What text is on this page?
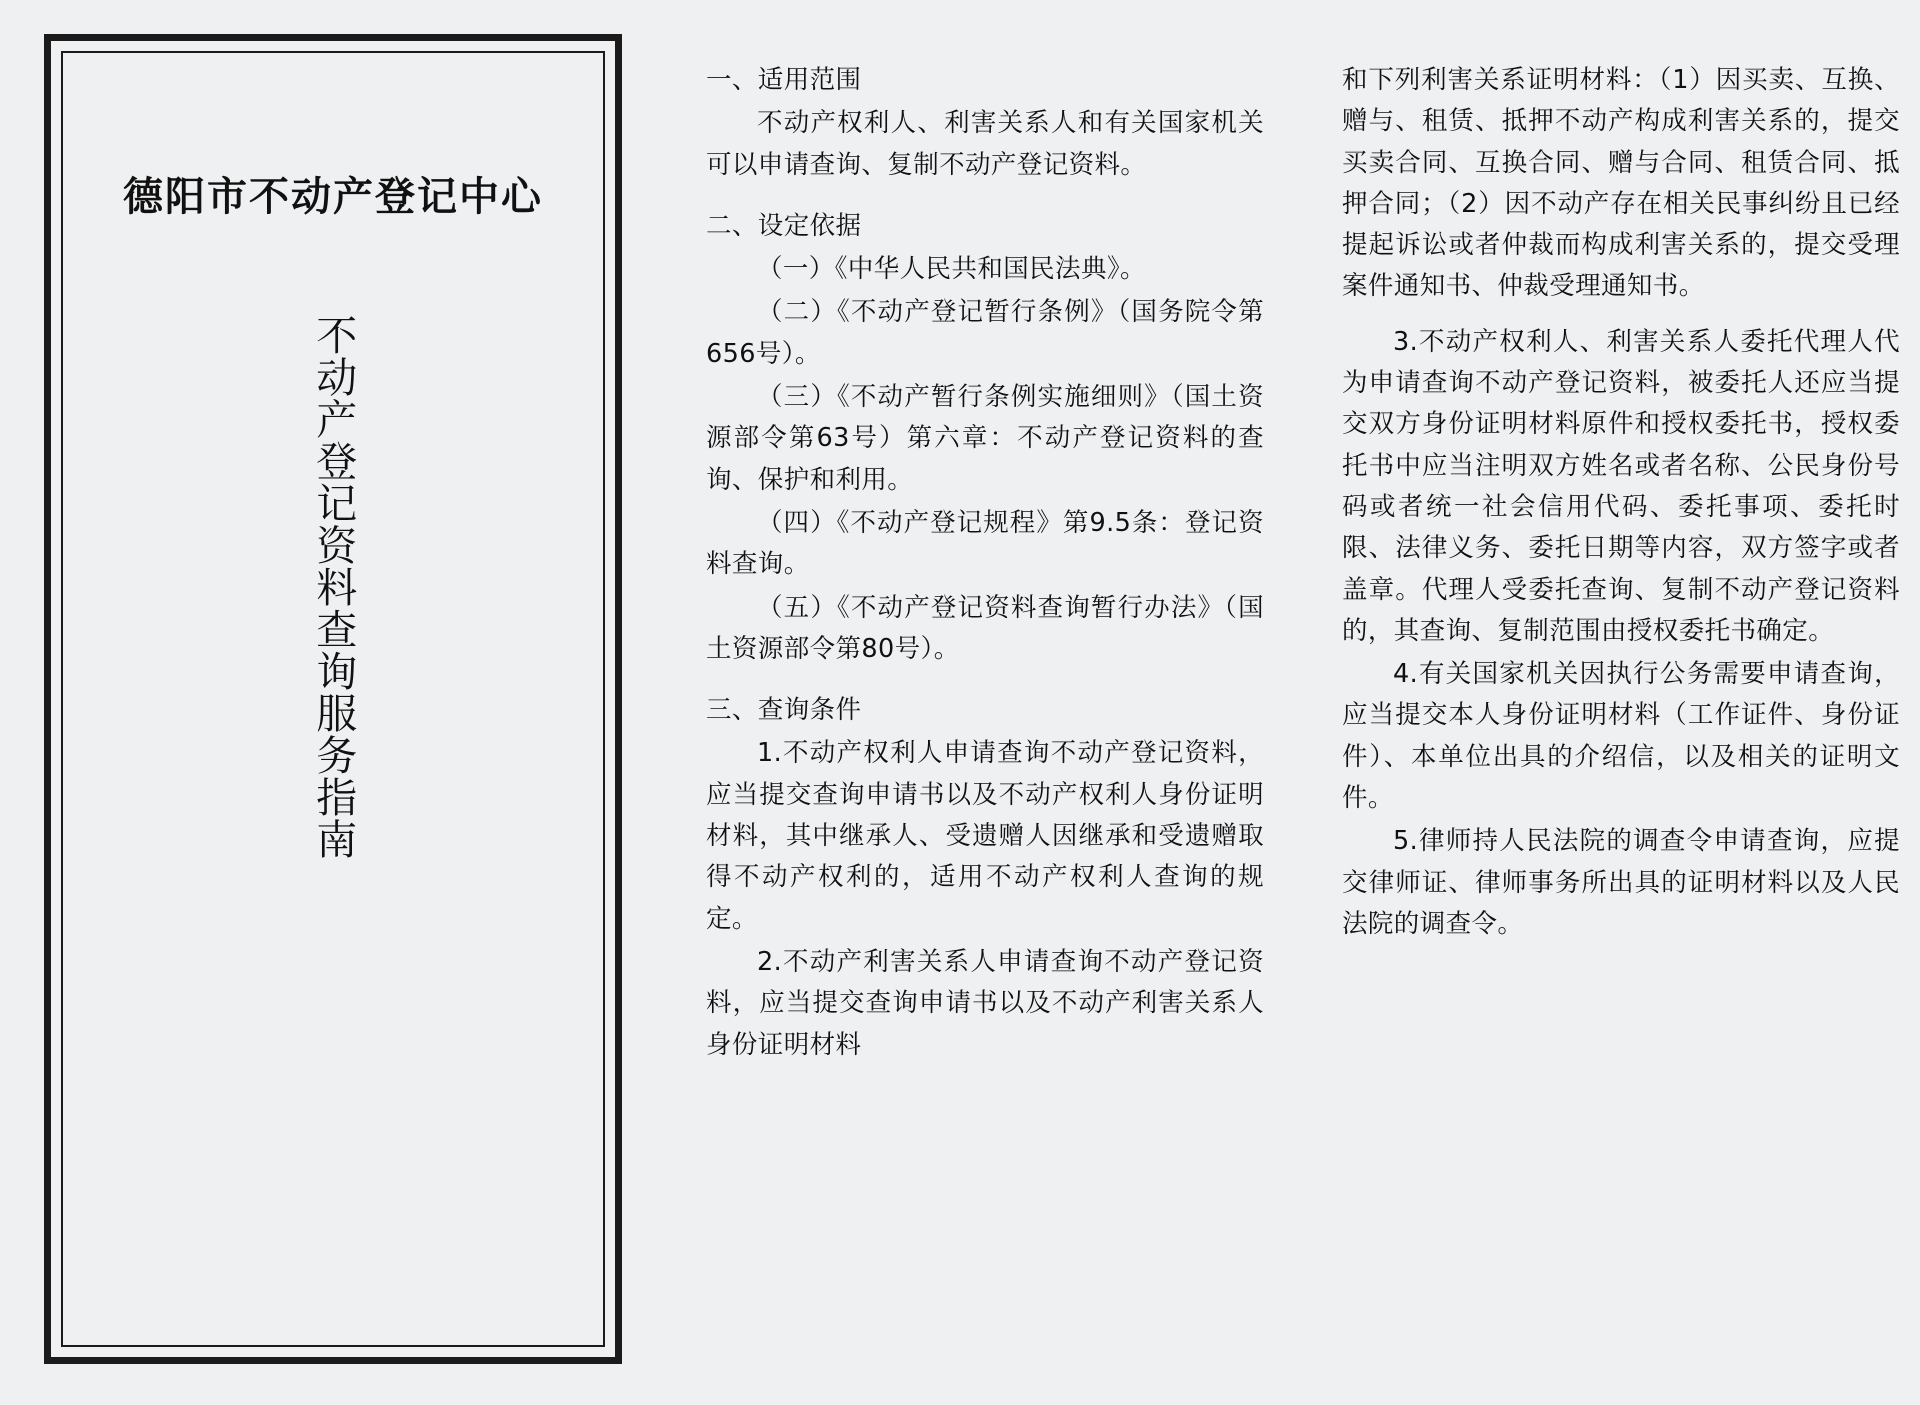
德阳市不动产登记中心
不动产登记资料查询服务指南

一、适用范围

不动产权利人、利害关系人和有关国家机关可以申请查询、复制不动产登记资料。

二、设定依据

（一）《中华人民共和国民法典》。

（二）《不动产登记暂行条例》（国务院令第656号）。

（三）《不动产暂行条例实施细则》（国土资源部令第63号）第六章：不动产登记资料的查询、保护和利用。

（四）《不动产登记规程》第9.5条：登记资料查询。

（五）《不动产登记资料查询暂行办法》（国土资源部令第80号）。

三、查询条件

1.不动产权利人申请查询不动产登记资料，应当提交查询申请书以及不动产权利人身份证明材料，其中继承人、受遗赠人因继承和受遗赠取得不动产权利的，适用不动产权利人查询的规定。

2.不动产利害关系人申请查询不动产登记资料，应当提交查询申请书以及不动产利害关系人身份证明材料

和下列利害关系证明材料：（1）因买卖、互换、赠与、租赁、抵押不动产构成利害关系的，提交买卖合同、互换合同、赠与合同、租赁合同、抵押合同；（2）因不动产存在相关民事纠纷且已经提起诉讼或者仲裁而构成利害关系的，提交受理案件通知书、仲裁受理通知书。

3.不动产权利人、利害关系人委托代理人代为申请查询不动产登记资料，被委托人还应当提交双方身份证明材料原件和授权委托书，授权委托书中应当注明双方姓名或者名称、公民身份号码或者统一社会信用代码、委托事项、委托时限、法律义务、委托日期等内容，双方签字或者盖章。代理人受委托查询、复制不动产登记资料的，其查询、复制范围由授权委托书确定。

4.有关国家机关因执行公务需要申请查询，应当提交本人身份证明材料（工作证件、身份证件）、本单位出具的介绍信，以及相关的证明文件。

5.律师持人民法院的调查令申请查询，应提交律师证、律师事务所出具的证明材料以及人民法院的调查令。
